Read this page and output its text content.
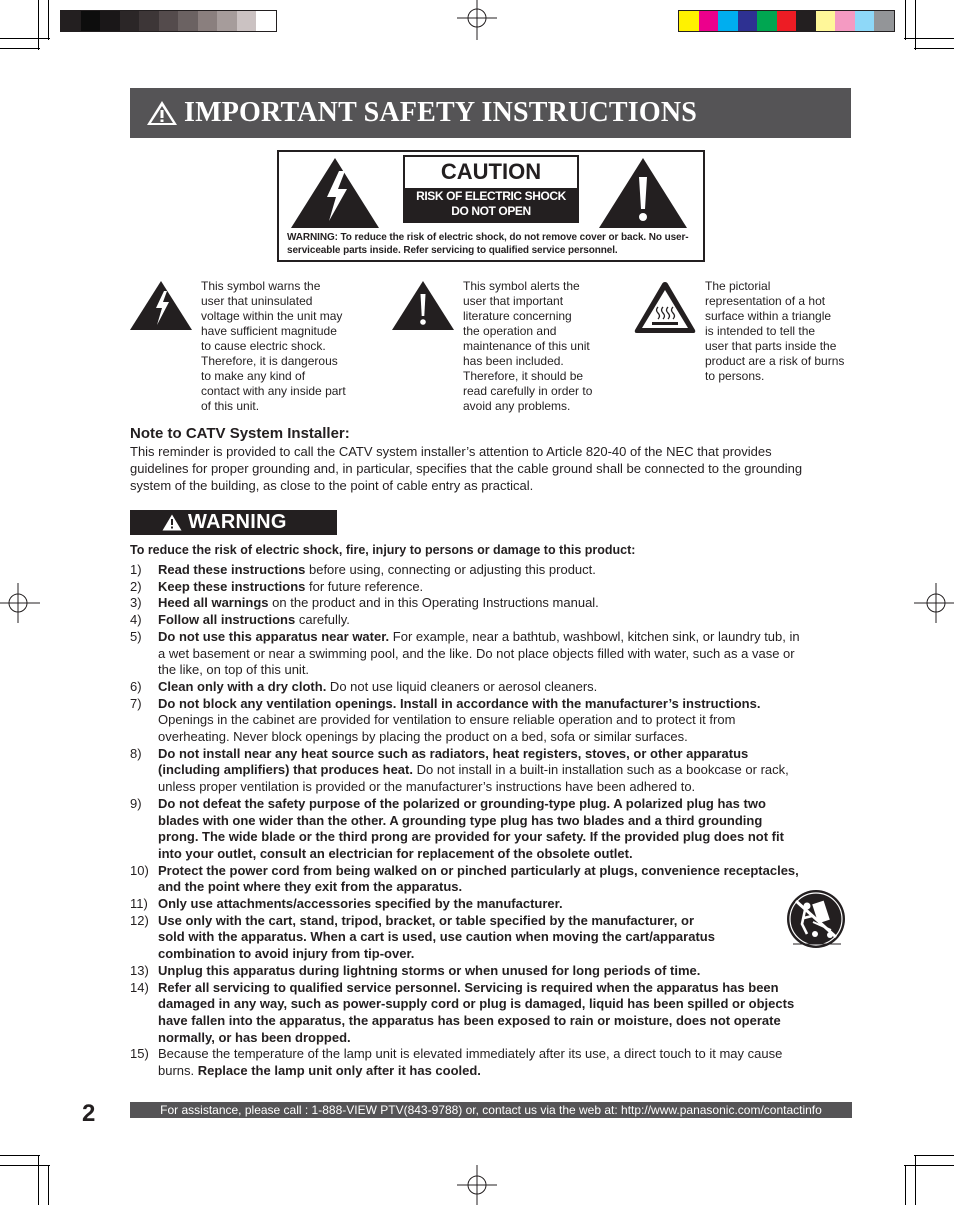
IMPORTANT SAFETY INSTRUCTIONS
CAUTION
RISK OF ELECTRIC SHOCK
DO NOT OPEN
WARNING: To reduce the risk of electric shock, do not remove cover or back. No user-serviceable parts inside. Refer servicing to qualified service personnel.
This symbol warns the
user that uninsulated
voltage within the unit may
have sufficient magnitude
to cause electric shock.
Therefore, it is dangerous
to make any kind of
contact with any inside part
of this unit.
This symbol alerts the
user that important
literature concerning
the operation and
maintenance of this unit
has been included.
Therefore, it should be
read carefully in order to
avoid any problems.
The pictorial
representation of a hot
surface within a triangle
is intended to tell the
user that parts inside the
product are a risk of burns
to persons.
Note to CATV System Installer:
This reminder is provided to call the CATV system installer’s attention to Article 820-40 of the NEC that provides
guidelines for proper grounding and, in particular, specifies that the cable ground shall be connected to the grounding
system of the building, as close to the point of cable entry as practical.
WARNING
To reduce the risk of electric shock, fire, injury to persons or damage to this product:
1)	Read these instructions before using, connecting or adjusting this product.
2)	Keep these instructions for future reference.
3)	Heed all warnings on the product and in this Operating Instructions manual.
4)	Follow all instructions carefully.
5)	Do not use this apparatus near water. For example, near a bathtub, washbowl, kitchen sink, or laundry tub, in
a wet basement or near a swimming pool, and the like. Do not place objects filled with water, such as a vase or
the like, on top of this unit.
6)	Clean only with a dry cloth. Do not use liquid cleaners or aerosol cleaners.
7)	Do not block any ventilation openings. Install in accordance with the manufacturer’s instructions.
Openings in the cabinet are provided for ventilation to ensure reliable operation and to protect it from
overheating. Never block openings by placing the product on a bed, sofa or similar surfaces.
8)	Do not install near any heat source such as radiators, heat registers, stoves, or other apparatus
(including amplifiers) that produces heat. Do not install in a built-in installation such as a bookcase or rack,
unless proper ventilation is provided or the manufacturer’s instructions have been adhered to.
9)	Do not defeat the safety purpose of the polarized or grounding-type plug. A polarized plug has two
blades with one wider than the other. A grounding type plug has two blades and a third grounding
prong. The wide blade or the third prong are provided for your safety. If the provided plug does not fit
into your outlet, consult an electrician for replacement of the obsolete outlet.
10) Protect the power cord from being walked on or pinched particularly at plugs, convenience receptacles,
and the point where they exit from the apparatus.
11) Only use attachments/accessories specified by the manufacturer.
12) Use only with the cart, stand, tripod, bracket, or table specified by the manufacturer, or
sold with the apparatus. When a cart is used, use caution when moving the cart/apparatus
combination to avoid injury from tip-over.
13) Unplug this apparatus during lightning storms or when unused for long periods of time.
14) Refer all servicing to qualified service personnel. Servicing is required when the apparatus has been
damaged in any way, such as power-supply cord or plug is damaged, liquid has been spilled or objects
have fallen into the apparatus, the apparatus has been exposed to rain or moisture, does not operate
normally, or has been dropped.
15) Because the temperature of the lamp unit is elevated immediately after its use, a direct touch to it may cause
burns. Replace the lamp unit only after it has cooled.
2	For assistance, please call : 1-888-VIEW PTV(843-9788) or, contact us via the web at: http://www.panasonic.com/contactinfo
